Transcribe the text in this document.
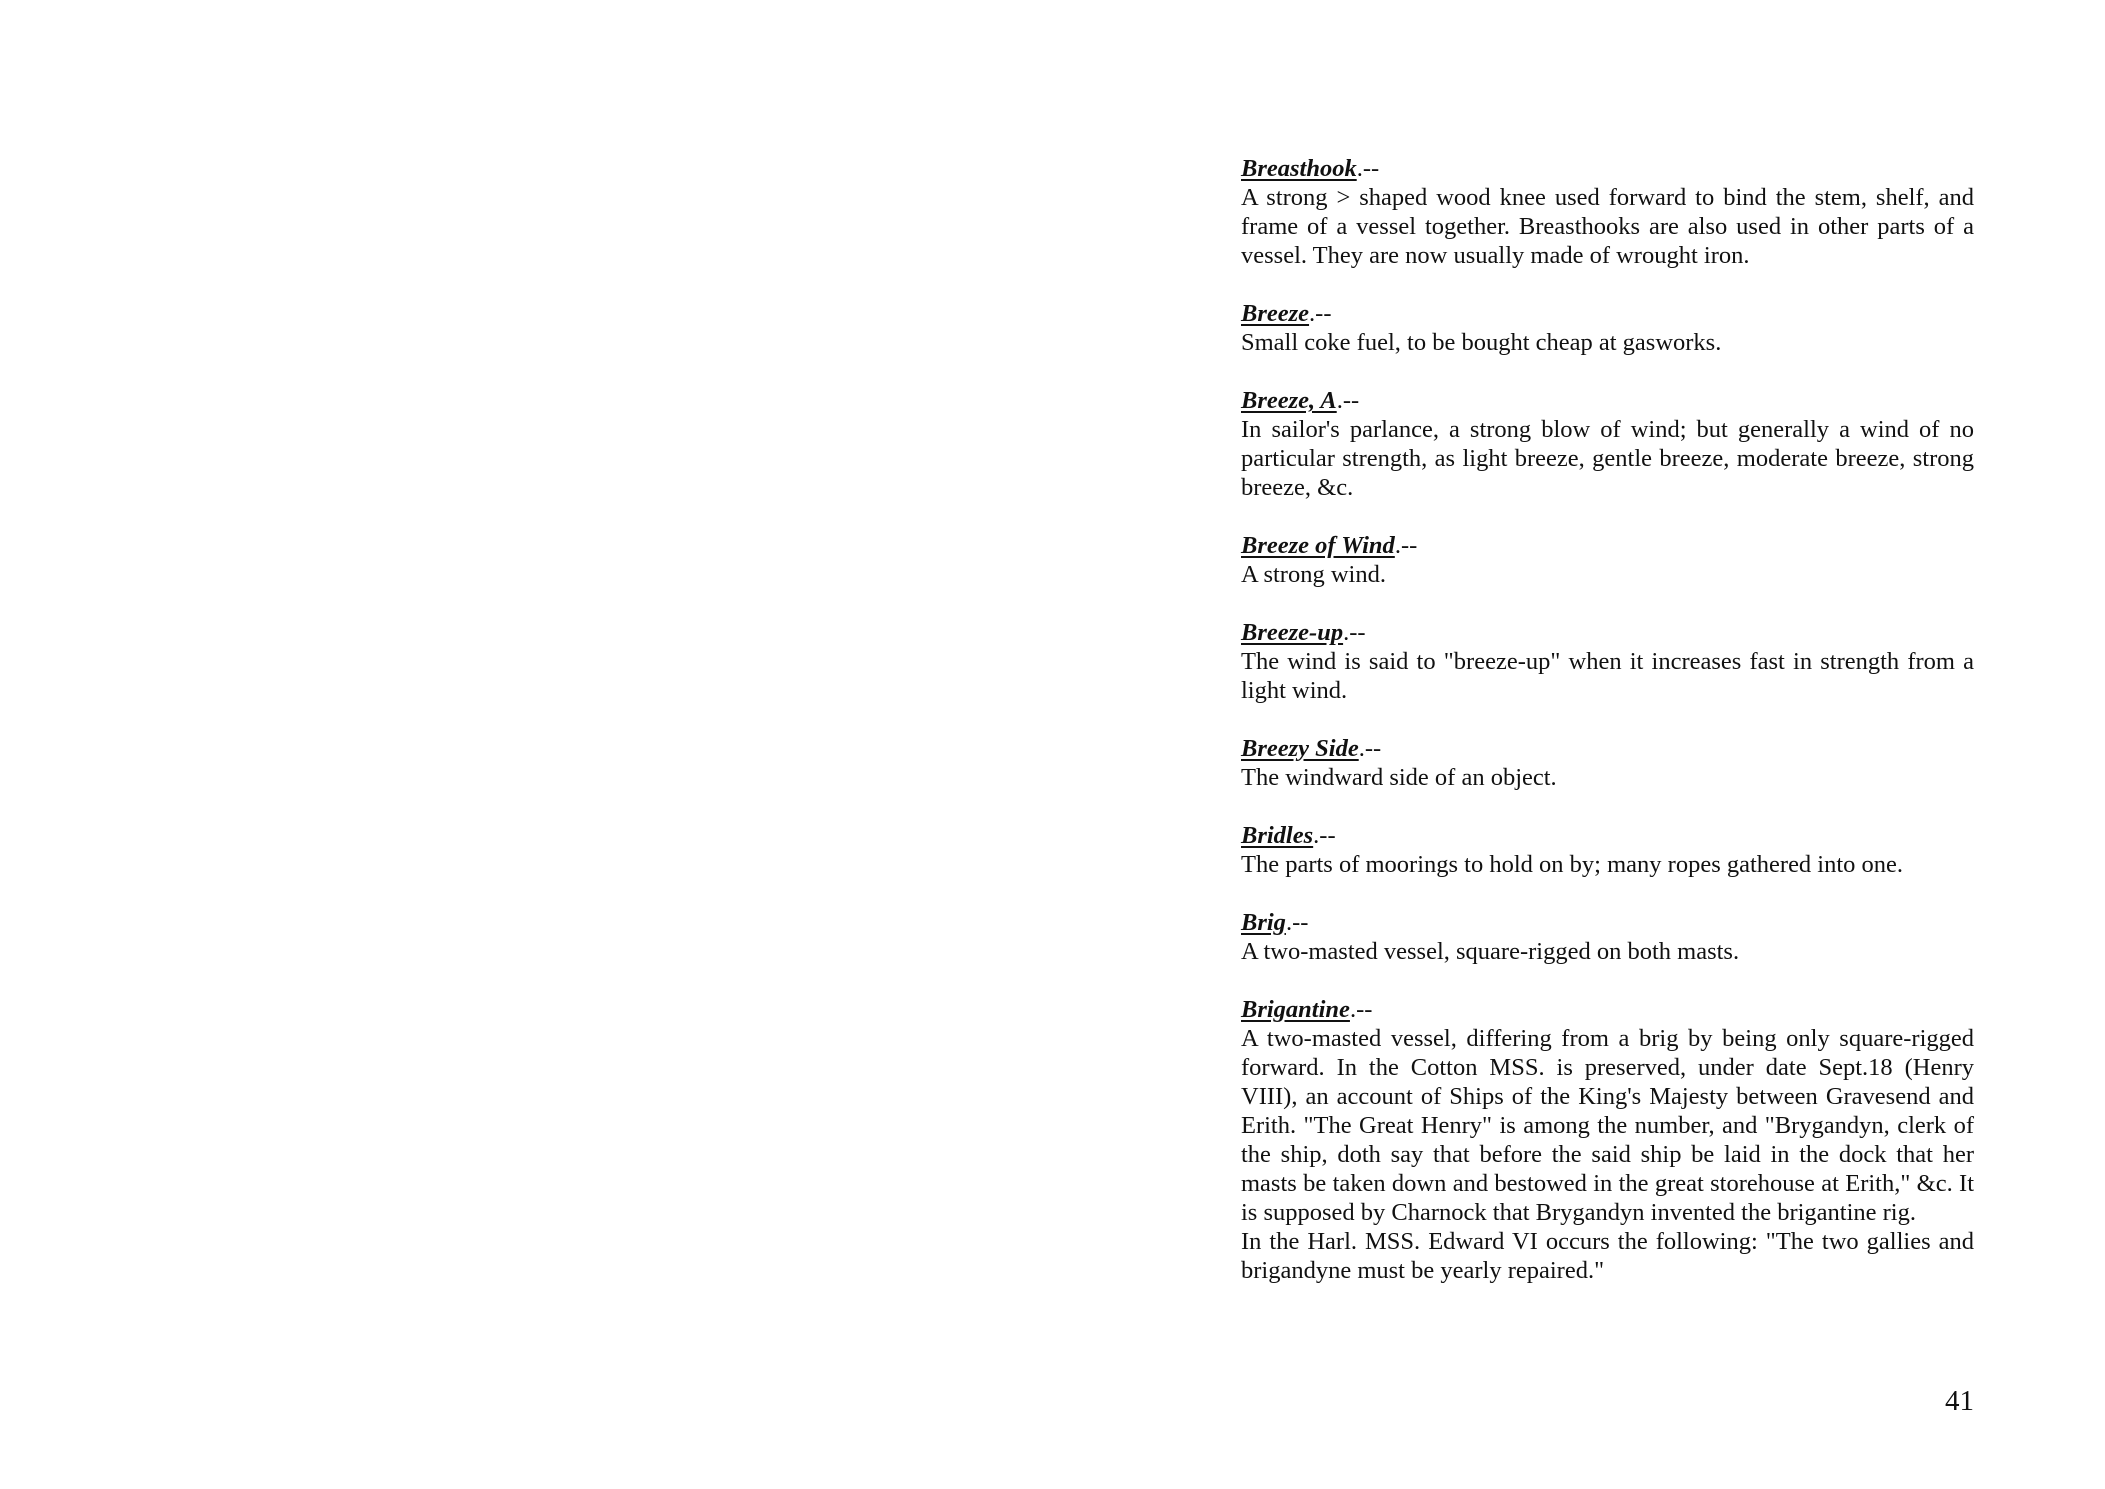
Breasthook.--
A strong > shaped wood knee used forward to bind the stem, shelf, and frame of a vessel together. Breasthooks are also used in other parts of a vessel. They are now usually made of wrought iron.
Breeze.--
Small coke fuel, to be bought cheap at gasworks.
Breeze, A.--
In sailor's parlance, a strong blow of wind; but generally a wind of no particular strength, as light breeze, gentle breeze, moderate breeze, strong breeze, &c.
Breeze of Wind.--
A strong wind.
Breeze-up.--
The wind is said to "breeze-up" when it increases fast in strength from a light wind.
Breezy Side.--
The windward side of an object.
Bridles.--
The parts of moorings to hold on by; many ropes gathered into one.
Brig.--
A two-masted vessel, square-rigged on both masts.
Brigantine.--
A two-masted vessel, differing from a brig by being only square-rigged forward. In the Cotton MSS. is preserved, under date Sept.18 (Henry VIII), an account of Ships of the King's Majesty between Gravesend and Erith. "The Great Henry" is among the number, and "Brygandyn, clerk of the ship, doth say that before the said ship be laid in the dock that her masts be taken down and bestowed in the great storehouse at Erith," &c. It is supposed by Charnock that Brygandyn invented the brigantine rig.
In the Harl. MSS. Edward VI occurs the following: "The two gallies and brigandyne must be yearly repaired."
41
